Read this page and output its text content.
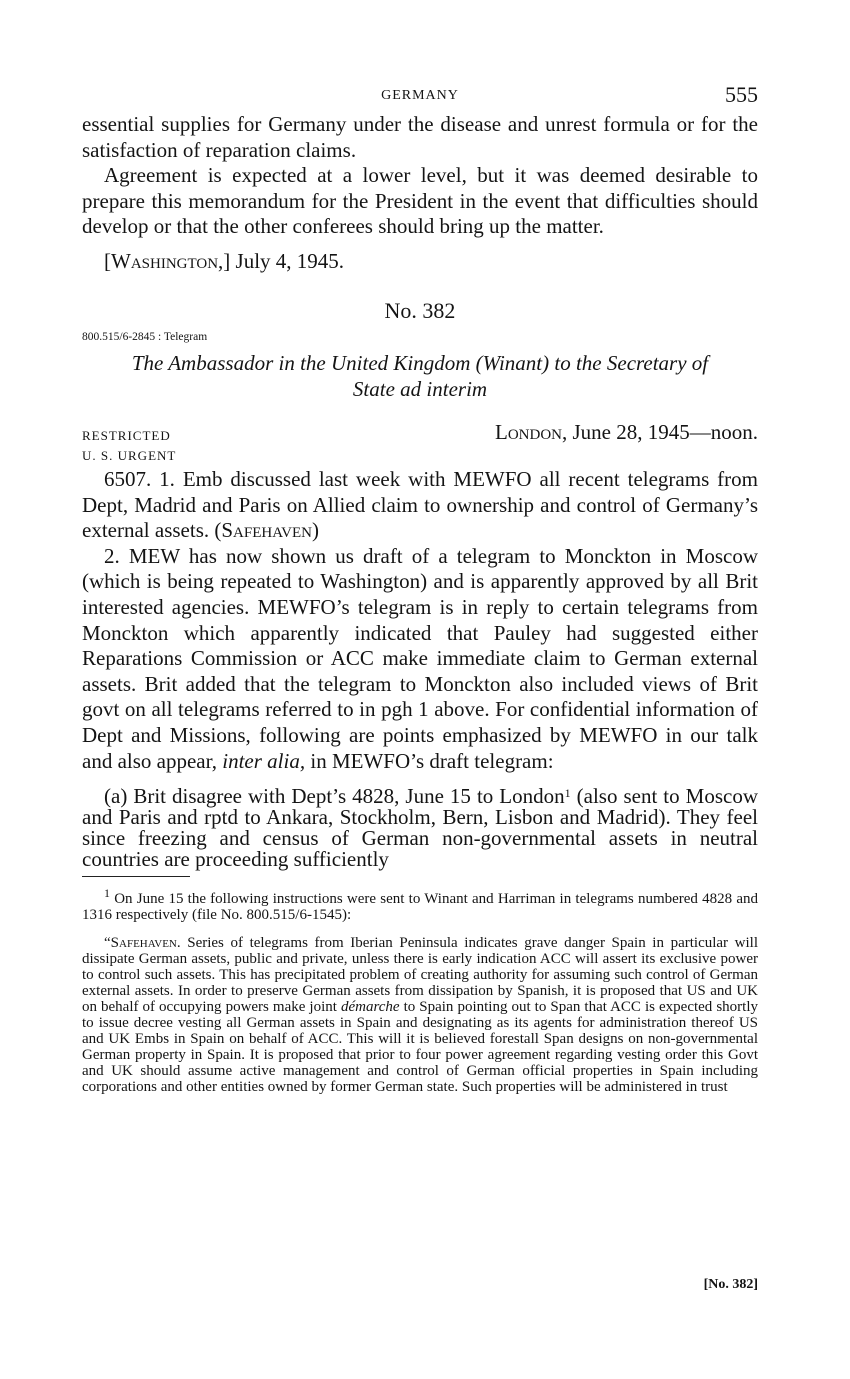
GERMANY	555

essential supplies for Germany under the disease and unrest formula or for the satisfaction of reparation claims.

Agreement is expected at a lower level, but it was deemed desirable to prepare this memorandum for the President in the event that difficulties should develop or that the other conferees should bring up the matter.

[Washington,] July 4, 1945.

No. 382
800.515/6-2845 : Telegram
The Ambassador in the United Kingdom (Winant) to the Secretary of
State ad interim
RESTRICTED	London, June 28, 1945—noon.
U. S. URGENT

6507. 1. Emb discussed last week with MEWFO all recent telegrams from Dept, Madrid and Paris on Allied claim to ownership and control of Germany’s external assets. (Safehaven)

2. MEW has now shown us draft of a telegram to Monckton in Moscow (which is being repeated to Washington) and is apparently approved by all Brit interested agencies. MEWFO’s telegram is in reply to certain telegrams from Monckton which apparently indicated that Pauley had suggested either Reparations Commission or ACC make immediate claim to German external assets. Brit added that the telegram to Monckton also included views of Brit govt on all telegrams referred to in pgh 1 above. For confidential information of Dept and Missions, following are points emphasized by MEWFO in our talk and also appear, inter alia, in MEWFO’s draft telegram:

(a) Brit disagree with Dept’s 4828, June 15 to London$^1$ (also sent to Moscow and Paris and rptd to Ankara, Stockholm, Bern, Lisbon and Madrid). They feel since freezing and census of German non-governmental assets in neutral countries are proceeding sufficiently

$^1$ On June 15 the following instructions were sent to Winant and Harriman in telegrams numbered 4828 and 1316 respectively (file No. 800.515/6-1545):

“Safehaven. Series of telegrams from Iberian Peninsula indicates grave danger Spain in particular will dissipate German assets, public and private, unless there is early indication ACC will assert its exclusive power to control such assets. This has precipitated problem of creating authority for assuming such control of German external assets. In order to preserve German assets from dissipation by Spanish, it is proposed that US and UK on behalf of occupying powers make joint démarche to Spain pointing out to Span that ACC is expected shortly to issue decree vesting all German assets in Spain and designating as its agents for administration thereof US and UK Embs in Spain on behalf of ACC. This will it is believed forestall Span designs on non-governmental German property in Spain. It is proposed that prior to four power agreement regarding vesting order this Govt and UK should assume active management and control of German official properties in Spain including corporations and other entities owned by former German state. Such properties will be administered in trust

[No. 382]
